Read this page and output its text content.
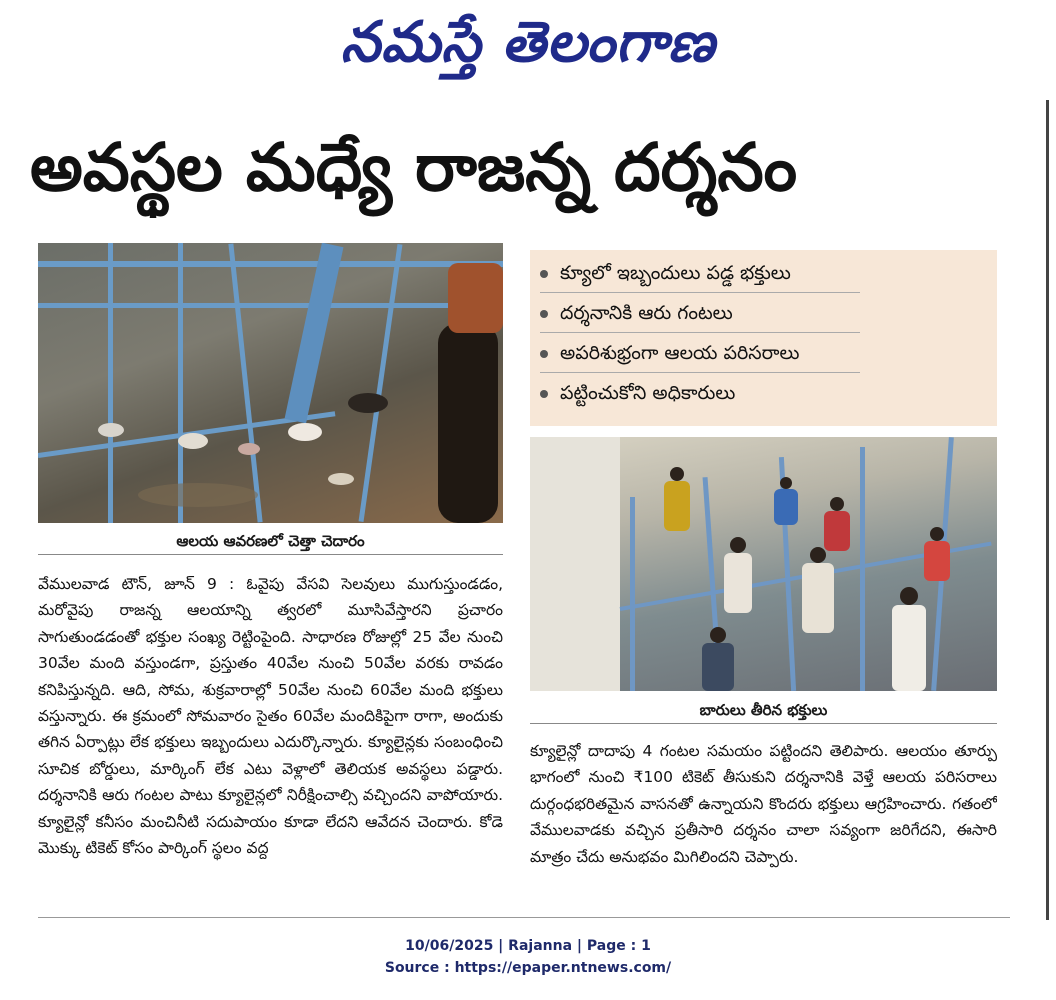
నమస్తే తెలంగాణ
అవస్థల మధ్యే రాజన్న దర్శనం
ఆలయ ఆవరణలో చెత్తా చెదారం
క్యూలో ఇబ్బందులు పడ్డ భక్తులు
దర్శనానికి ఆరు గంటలు
అపరిశుభ్రంగా ఆలయ పరిసరాలు
పట్టించుకోని అధికారులు
బారులు తీరిన భక్తులు
వేములవాడ టౌన్, జూన్ 9 : ఓవైపు వేసవి సెలవులు ముగుస్తుండడం, మరోవైపు రాజన్న ఆలయాన్ని త్వరలో మూసివేస్తారని ప్రచారం సాగుతుండడంతో భక్తుల సంఖ్య రెట్టింపైంది. సాధారణ రోజుల్లో 25 వేల నుంచి 30వేల మంది వస్తుండగా, ప్రస్తుతం 40వేల నుంచి 50వేల వరకు రావడం కనిపిస్తున్నది. ఆది, సోమ, శుక్రవారాల్లో 50వేల నుంచి 60వేల మంది భక్తులు వస్తున్నారు. ఈ క్రమంలో సోమవారం సైతం 60వేల మందికిపైగా రాగా, అందుకు తగిన ఏర్పాట్లు లేక భక్తులు ఇబ్బందులు ఎదుర్కొన్నారు. క్యూలైన్లకు సంబంధించి సూచిక బోర్డులు, మార్కింగ్ లేక ఎటు వెళ్లాలో తెలియక అవస్థలు పడ్డారు. దర్శనానికి ఆరు గంటల పాటు క్యూలైన్లలో నిరీక్షించాల్సి వచ్చిందని వాపోయారు. క్యూలైన్లో కనీసం మంచినీటి సదుపాయం కూడా లేదని ఆవేదన చెందారు. కోడె మొక్కు టికెట్ కోసం పార్కింగ్ స్థలం వద్ద
క్యూలైన్లో దాదాపు 4 గంటల సమయం పట్టిందని తెలిపారు. ఆలయం తూర్పు భాగంలో నుంచి ₹100 టికెట్ తీసుకుని దర్శనానికి వెళ్తే ఆలయ పరిసరాలు దుర్గంధభరితమైన వాసనతో ఉన్నాయని కొందరు భక్తులు ఆగ్రహించారు. గతంలో వేములవాడకు వచ్చిన ప్రతీసారి దర్శనం చాలా సవ్యంగా జరిగేదని, ఈసారి మాత్రం చేదు అనుభవం మిగిలిందని చెప్పారు.
10/06/2025 | Rajanna | Page : 1
Source : https://epaper.ntnews.com/
